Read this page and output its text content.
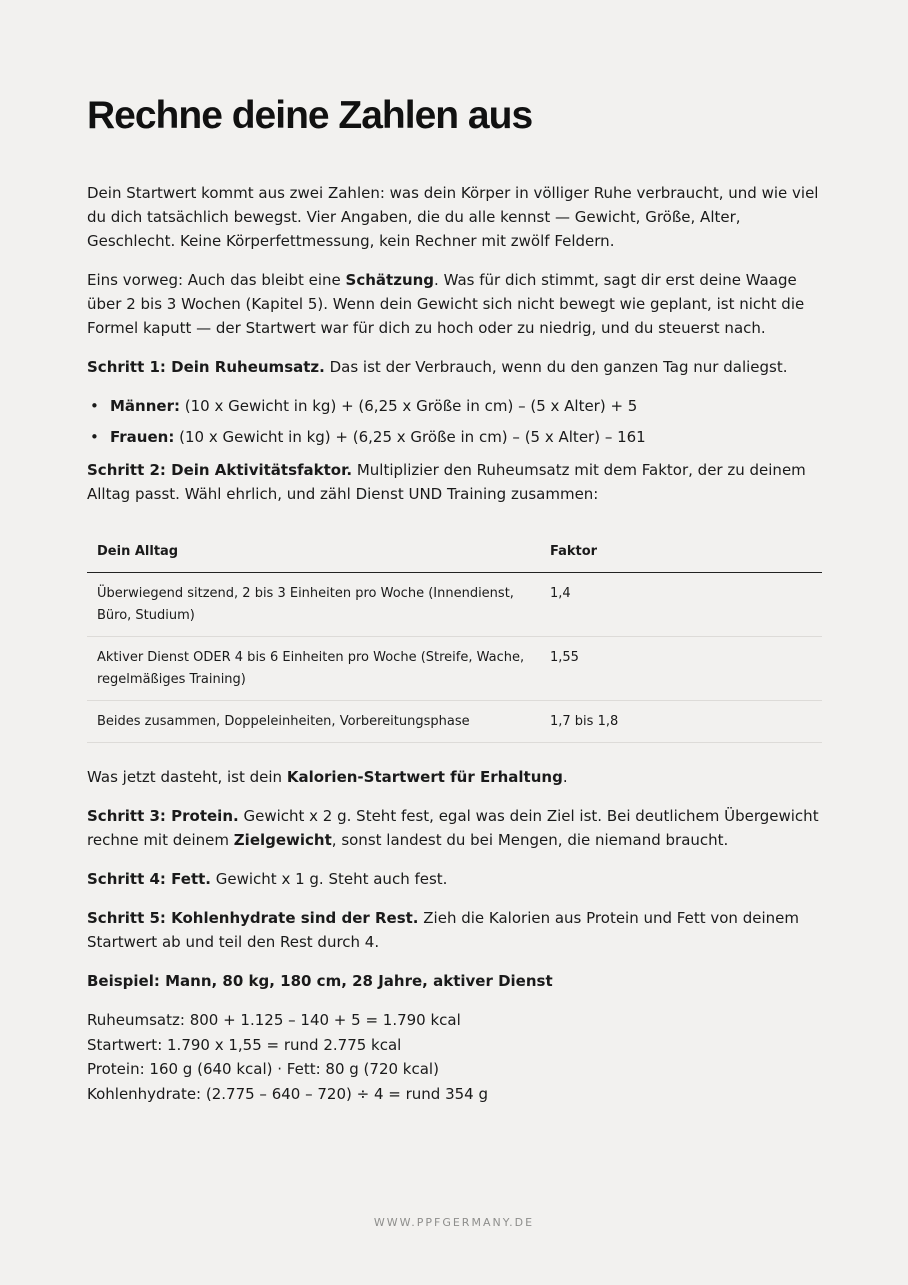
Rechne deine Zahlen aus

Dein Startwert kommt aus zwei Zahlen: was dein Körper in völliger Ruhe verbraucht, und wie viel du dich tatsächlich bewegst. Vier Angaben, die du alle kennst — Gewicht, Größe, Alter, Geschlecht. Keine Körperfettmessung, kein Rechner mit zwölf Feldern.

Eins vorweg: Auch das bleibt eine Schätzung. Was für dich stimmt, sagt dir erst deine Waage über 2 bis 3 Wochen (Kapitel 5). Wenn dein Gewicht sich nicht bewegt wie geplant, ist nicht die Formel kaputt — der Startwert war für dich zu hoch oder zu niedrig, und du steuerst nach.

Schritt 1: Dein Ruheumsatz. Das ist der Verbrauch, wenn du den ganzen Tag nur daliegst.

• Männer: (10 x Gewicht in kg) + (6,25 x Größe in cm) – (5 x Alter) + 5
• Frauen: (10 x Gewicht in kg) + (6,25 x Größe in cm) – (5 x Alter) – 161

Schritt 2: Dein Aktivitätsfaktor. Multiplizier den Ruheumsatz mit dem Faktor, der zu deinem Alltag passt. Wähl ehrlich, und zähl Dienst UND Training zusammen:

Dein Alltag	Faktor
Überwiegend sitzend, 2 bis 3 Einheiten pro Woche (Innendienst, Büro, Studium)	1,4
Aktiver Dienst ODER 4 bis 6 Einheiten pro Woche (Streife, Wache, regelmäßiges Training)	1,55
Beides zusammen, Doppeleinheiten, Vorbereitungsphase	1,7 bis 1,8

Was jetzt dasteht, ist dein Kalorien-Startwert für Erhaltung.

Schritt 3: Protein. Gewicht x 2 g. Steht fest, egal was dein Ziel ist. Bei deutlichem Übergewicht rechne mit deinem Zielgewicht, sonst landest du bei Mengen, die niemand braucht.

Schritt 4: Fett. Gewicht x 1 g. Steht auch fest.

Schritt 5: Kohlenhydrate sind der Rest. Zieh die Kalorien aus Protein und Fett von deinem Startwert ab und teil den Rest durch 4.

Beispiel: Mann, 80 kg, 180 cm, 28 Jahre, aktiver Dienst

Ruheumsatz: 800 + 1.125 – 140 + 5 = 1.790 kcal

Startwert: 1.790 x 1,55 = rund 2.775 kcal

Protein: 160 g (640 kcal) · Fett: 80 g (720 kcal)

Kohlenhydrate: (2.775 – 640 – 720) ÷ 4 = rund 354 g

WWW.PPFGERMANY.DE
